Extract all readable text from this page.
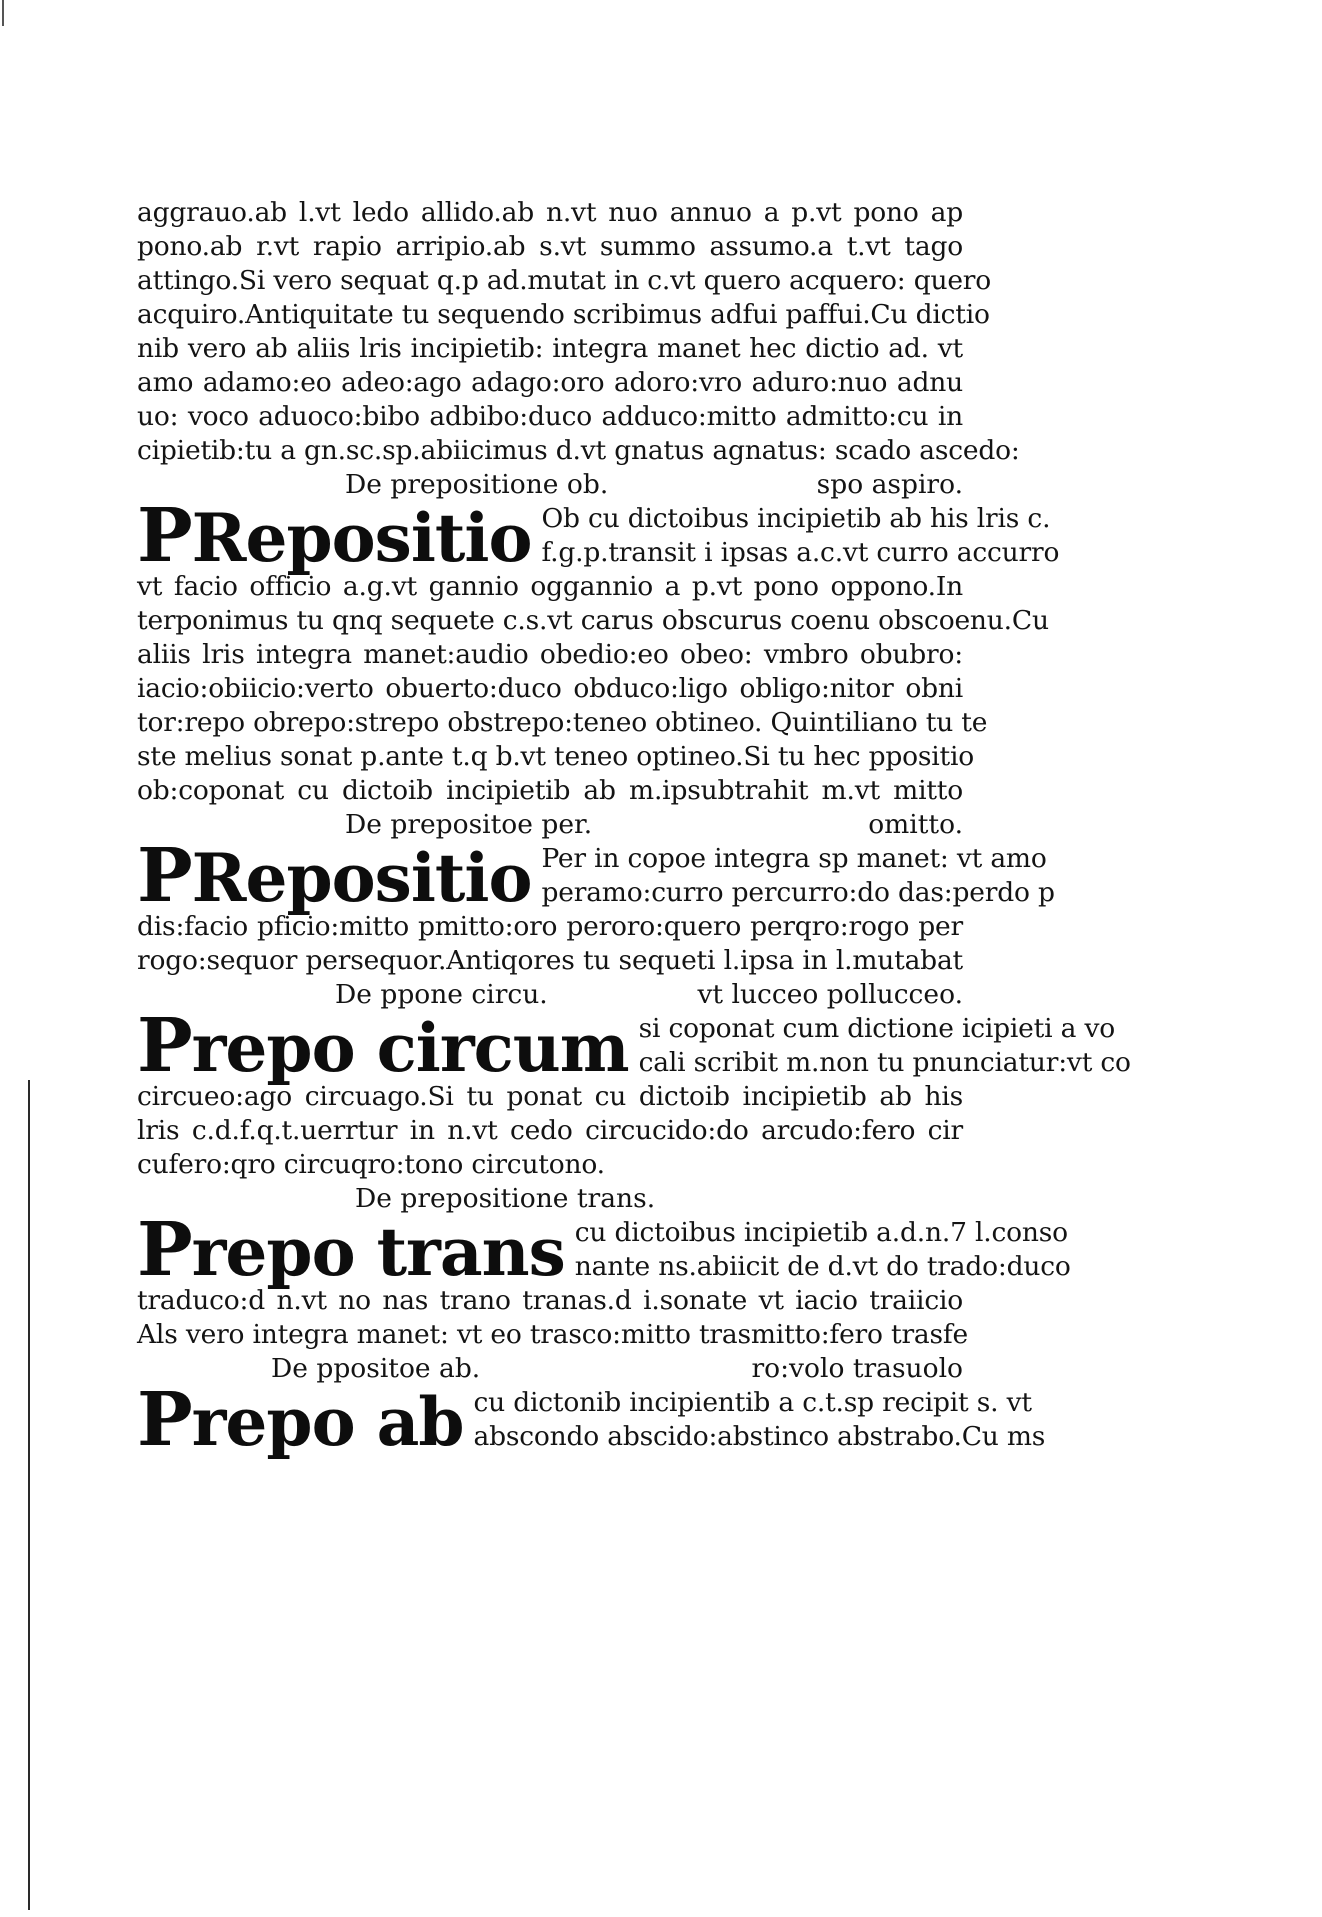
aggrauo.ab l.vt ledo allido.ab n.vt nuo annuo a p.vt pono ap
pono.ab r.vt rapio arripio.ab s.vt summo assumo.a t.vt tago
attingo.Si vero sequat q.p ad.mutat in c.vt quero acquero: quero
acquiro.Antiquitate tu sequendo scribimus adfui paffui.Cu dictio
nib vero ab aliis lris incipietib: integra manet hec dictio ad. vt
amo adamo:eo adeo:ago adago:oro adoro:vro aduro:nuo adnu
uo: voco aduoco:bibo adbibo:duco adduco:mitto admitto:cu in
cipietib:tu a gn.sc.sp.abiicimus d.vt gnatus agnatus: scado ascedo:
De prepositione ob.	spo aspiro.
PRepositio Ob cu dictoibus incipietib ab his lris c.
f.g.p.transit i ipsas a.c.vt curro accurro
vt facio officio a.g.vt gannio oggannio a p.vt pono oppono.In
terponimus tu qnq sequete c.s.vt carus obscurus coenu obscoenu.Cu
aliis lris integra manet:audio obedio:eo obeo: vmbro obubro:
iacio:obiicio:verto obuerto:duco obduco:ligo obligo:nitor obni
tor:repo obrepo:strepo obstrepo:teneo obtineo. Quintiliano tu te
ste melius sonat p.ante t.q b.vt teneo optineo.Si tu hec ppositio
ob:coponat cu dictoib incipietib ab m.ipsubtrahit m.vt mitto
De prepositoe per.	omitto.
PRepositio Per in copoe integra sp manet: vt amo
peramo:curro percurro:do das:perdo p
dis:facio pficio:mitto pmitto:oro peroro:quero perqro:rogo per
rogo:sequor persequor.Antiqores tu sequeti l.ipsa in l.mutabat
De ppone circu.	vt lucceo pollucceo.
Prepo circum si coponat cum dictione icipieti a vo
cali scribit m.non tu pnunciatur:vt co
circueo:ago circuago.Si tu ponat cu dictoib incipietib ab his
lris c.d.f.q.t.uerrtur in n.vt cedo circucido:do arcudo:fero cir
cufero:qro circuqro:tono circutono.
De prepositione trans.
Prepo trans cu dictoibus incipietib a.d.n.7 l.conso
nante ns.abiicit de d.vt do trado:duco
traduco:d n.vt no nas trano tranas.d i.sonate vt iacio traiicio
Als vero integra manet: vt eo trasco:mitto trasmitto:fero trasfe
De ppositoe ab.	ro:volo trasuolo
Prepo ab cu dictonib incipientib a c.t.sp recipit s. vt
abscondo abscido:abstinco abstrabo.Cu ms
